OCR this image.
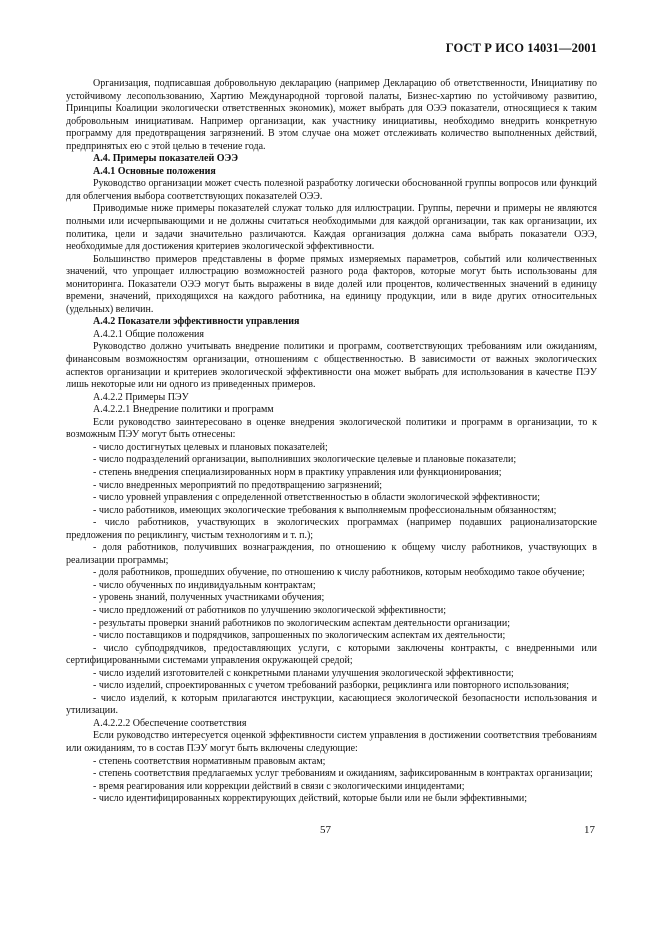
ГОСТ Р ИСО 14031—2001

Организация, подписавшая добровольную декларацию (например Декларацию об ответственности, Инициативу по устойчивому лесопользованию, Хартию Международной торговой палаты, Бизнес-хартию по устойчивому развитию, Принципы Коалиции экологически ответственных экономик), может выбрать для ОЭЭ показатели, относящиеся к таким добровольным инициативам. Например организации, как участнику инициативы, необходимо внедрить конкретную программу для предотвращения загрязнений. В этом случае она может отслеживать количество выполненных действий, предпринятых ею с этой целью в течение года.

А.4. Примеры показателей ОЭЭ

А.4.1 Основные положения

Руководство организации может счесть полезной разработку логически обоснованной группы вопросов или функций для облегчения выбора соответствующих показателей ОЭЭ.

Приводимые ниже примеры показателей служат только для иллюстрации. Группы, перечни и примеры не являются полными или исчерпывающими и не должны считаться необходимыми для каждой организации, так как организации, их политика, цели и задачи значительно различаются. Каждая организация должна сама выбрать показатели ОЭЭ, необходимые для достижения критериев экологической эффективности.

Большинство примеров представлены в форме прямых измеряемых параметров, событий или количественных значений, что упрощает иллюстрацию возможностей разного рода факторов, которые могут быть использованы для мониторинга. Показатели ОЭЭ могут быть выражены в виде долей или процентов, количественных значений в единицу времени, значений, приходящихся на каждого работника, на единицу продукции, или в виде других относительных (удельных) величин.

А.4.2 Показатели эффективности управления

А.4.2.1 Общие положения

Руководство должно учитывать внедрение политики и программ, соответствующих требованиям или ожиданиям, финансовым возможностям организации, отношениям с общественностью. В зависимости от важных экологических аспектов организации и критериев экологической эффективности она может выбрать для использования в качестве ПЭУ лишь некоторые или ни одного из приведенных примеров.

А.4.2.2 Примеры ПЭУ

А.4.2.2.1 Внедрение политики и программ

Если руководство заинтересовано в оценке внедрения экологической политики и программ в организации, то к возможным ПЭУ могут быть отнесены:

- число достигнутых целевых и плановых показателей;

- число подразделений организации, выполнивших экологические целевые и плановые показатели;

- степень внедрения специализированных норм в практику управления или функционирования;

- число внедренных мероприятий по предотвращению загрязнений;

- число уровней управления с определенной ответственностью в области экологической эффективности;

- число работников, имеющих экологические требования к выполняемым профессиональным обязанностям;

- число работников, участвующих в экологических программах (например подавших рационализаторские предложения по рециклингу, чистым технологиям и т. п.);

- доля работников, получивших вознаграждения, по отношению к общему числу работников, участвующих в реализации программы;

- доля работников, прошедших обучение, по отношению к числу работников, которым необходимо такое обучение;

- число обученных по индивидуальным контрактам;

- уровень знаний, полученных участниками обучения;

- число предложений от работников по улучшению экологической эффективности;

- результаты проверки знаний работников по экологическим аспектам деятельности организации;

- число поставщиков и подрядчиков, запрошенных по экологическим аспектам их деятельности;

- число субподрядчиков, предоставляющих услуги, с которыми заключены контракты, с внедренными или сертифицированными системами управления окружающей средой;

- число изделий изготовителей с конкретными планами улучшения экологической эффективности;

- число изделий, спроектированных с учетом требований разборки, рециклинга или повторного использования;

- число изделий, к которым прилагаются инструкции, касающиеся экологической безопасности использования и утилизации.

А.4.2.2.2 Обеспечение соответствия

Если руководство интересуется оценкой эффективности систем управления в достижении соответствия требованиям или ожиданиям, то в состав ПЭУ могут быть включены следующие:

- степень соответствия нормативным правовым актам;

- степень соответствия предлагаемых услуг требованиям и ожиданиям, зафиксированным в контрактах организации;

- время реагирования или коррекции действий в связи с экологическими инцидентами;

- число идентифицированных корректирующих действий, которые были или не были эффективными;

57	17
